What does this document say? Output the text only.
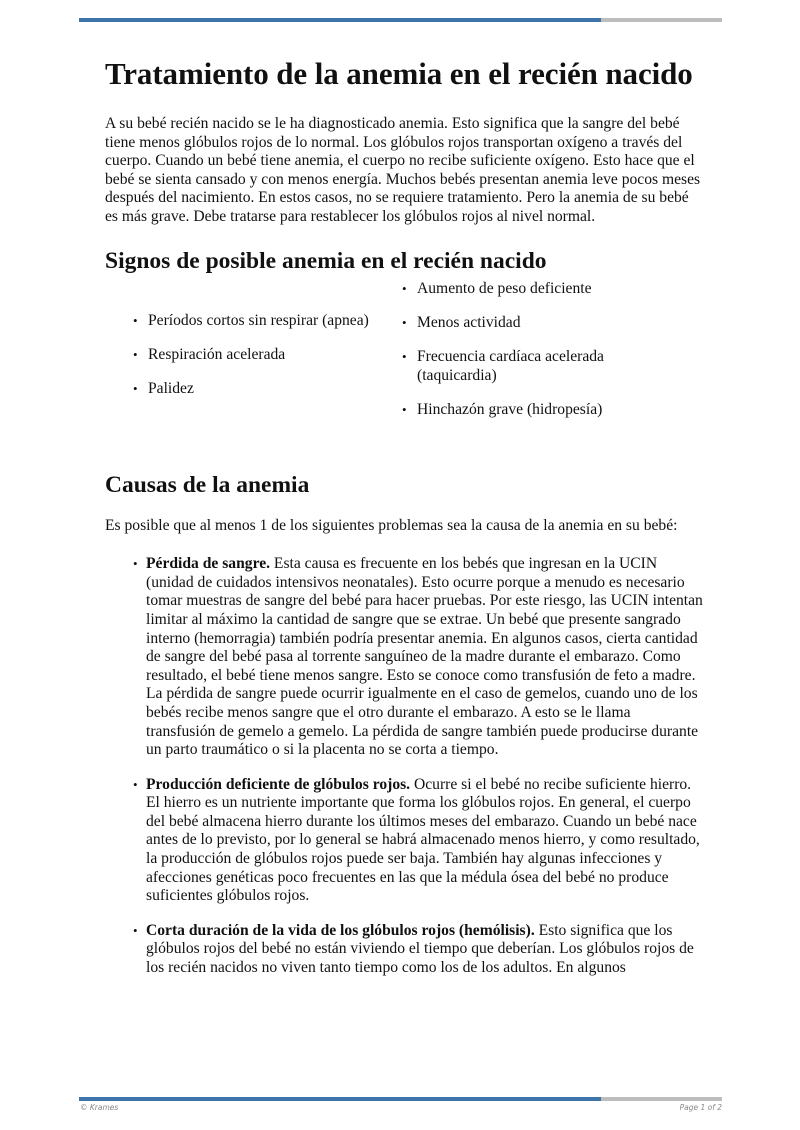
Tratamiento de la anemia en el recién nacido

A su bebé recién nacido se le ha diagnosticado anemia. Esto significa que la sangre del bebé tiene menos glóbulos rojos de lo normal. Los glóbulos rojos transportan oxígeno a través del cuerpo. Cuando un bebé tiene anemia, el cuerpo no recibe suficiente oxígeno. Esto hace que el bebé se sienta cansado y con menos energía. Muchos bebés presentan anemia leve pocos meses después del nacimiento. En estos casos, no se requiere tratamiento. Pero la anemia de su bebé es más grave. Debe tratarse para restablecer los glóbulos rojos al nivel normal.

Signos de posible anemia en el recién nacido
• Períodos cortos sin respirar (apnea)
• Respiración acelerada
• Palidez
• Aumento de peso deficiente
• Menos actividad
• Frecuencia cardíaca acelerada (taquicardia)
• Hinchazón grave (hidropesía)
Causas de la anemia

Es posible que al menos 1 de los siguientes problemas sea la causa de la anemia en su bebé:

• Pérdida de sangre. Esta causa es frecuente en los bebés que ingresan en la UCIN (unidad de cuidados intensivos neonatales). Esto ocurre porque a menudo es necesario tomar muestras de sangre del bebé para hacer pruebas. Por este riesgo, las UCIN intentan limitar al máximo la cantidad de sangre que se extrae. Un bebé que presente sangrado interno (hemorragia) también podría presentar anemia. En algunos casos, cierta cantidad de sangre del bebé pasa al torrente sanguíneo de la madre durante el embarazo. Como resultado, el bebé tiene menos sangre. Esto se conoce como transfusión de feto a madre. La pérdida de sangre puede ocurrir igualmente en el caso de gemelos, cuando uno de los bebés recibe menos sangre que el otro durante el embarazo. A esto se le llama transfusión de gemelo a gemelo. La pérdida de sangre también puede producirse durante un parto traumático o si la placenta no se corta a tiempo.
• Producción deficiente de glóbulos rojos. Ocurre si el bebé no recibe suficiente hierro. El hierro es un nutriente importante que forma los glóbulos rojos. En general, el cuerpo del bebé almacena hierro durante los últimos meses del embarazo. Cuando un bebé nace antes de lo previsto, por lo general se habrá almacenado menos hierro, y como resultado, la producción de glóbulos rojos puede ser baja. También hay algunas infecciones y afecciones genéticas poco frecuentes en las que la médula ósea del bebé no produce suficientes glóbulos rojos.
• Corta duración de la vida de los glóbulos rojos (hemólisis). Esto significa que los glóbulos rojos del bebé no están viviendo el tiempo que deberían. Los glóbulos rojos de los recién nacidos no viven tanto tiempo como los de los adultos. En algunos
© Krames	Page 1 of 2
